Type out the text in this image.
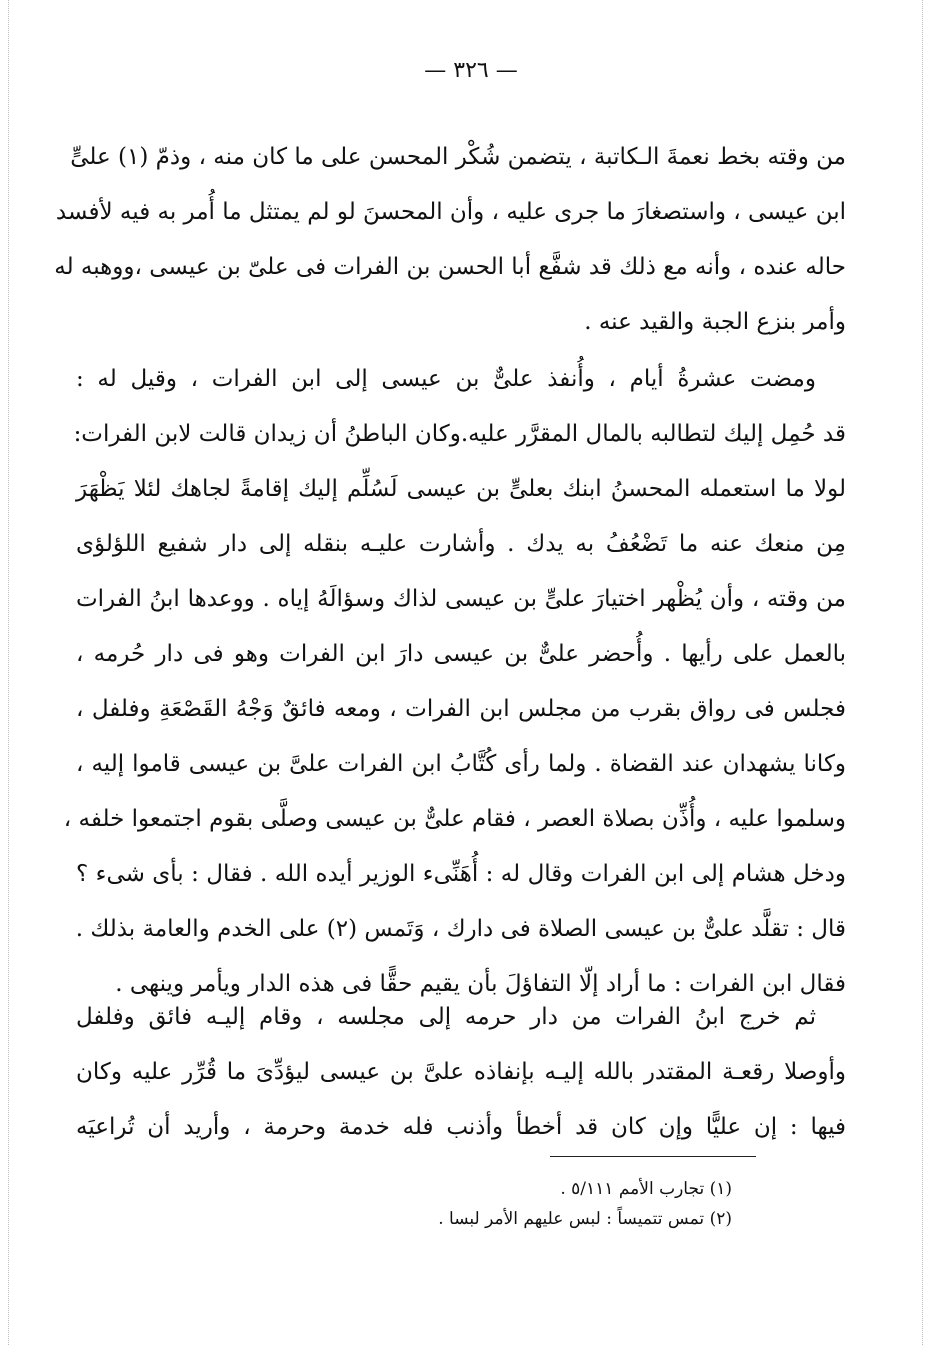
— ٣٢٦ —
من وقته بخط نعمةَ الـكاتبة ، يتضمن شُكْر المحسن على ما كان منه ، وذمّ (١) علىٍّ
ابن عيسى ، واستصغارَ ما جرى عليه ، وأن المحسنَ لو لم يمتثل ما أُمر به فيه لأفسد
حاله عنده ، وأنه مع ذلك قد شفَّع أبا الحسن بن الفرات فى علىّ بن عيسى ،ووهبه له
وأمر بنزع الجبة والقيد عنه .
ومضت عشرةُ أيام ، وأُنفذ علىٌّ بن عيسى إلى ابن الفرات ، وقيل له :
قد حُمِل إليك لتطالبه بالمال المقرَّر عليه.وكان الباطنُ أن زيدان قالت لابن الفرات:
لولا ما استعمله المحسنُ ابنك بعلىٍّ بن عيسى لَسُلِّم إليك إقامةً لجاهك لئلا يَظْهَرَ
مِن منعك عنه ما تَضْعُفُ به يدك . وأشارت عليـه بنقله إلى دار شفيع اللؤلؤى
من وقته ، وأن يُظْهر اختيارَ علىٍّ بن عيسى لذاك وسؤالَهُ إياه . ووعدها ابنُ الفرات
بالعمل على رأيها . وأُحضر علىٌّ بن عيسى دارَ ابن الفرات وهو فى دار حُرمه ،
فجلس فى رواق بقرب من مجلس ابن الفرات ، ومعه فائقٌ وَجْهُ القَصْعَةِ وفلفل ،
وكانا يشهدان عند القضاة . ولما رأى كُتَّابُ ابن الفرات علىَّ بن عيسى قاموا إليه ،
وسلموا عليه ، وأُذِّن بصلاة العصر ، فقام علىٌّ بن عيسى وصلَّى بقوم اجتمعوا خلفه ،
ودخل هشام إلى ابن الفرات وقال له : أُهَنِّىء الوزير أيده الله . فقال : بأى شىء ؟
قال : تقلَّد علىٌّ بن عيسى الصلاة فى دارك ، وَتَمس (٢) على الخدم والعامة بذلك .
فقال ابن الفرات : ما أراد إلّا التفاؤلَ بأن يقيم حقًّا فى هذه الدار ويأمر وينهى .
ثم خرج ابنُ الفرات من دار حرمه إلى مجلسه ، وقام إليـه فائق وفلفل
وأوصلا رقعـة المقتدر بالله إليـه بإنفاذه علىَّ بن عيسى ليؤدِّىَ ما قُرِّر عليه وكان
فيها : إن عليًّا وإن كان قد أخطأ وأذنب فله خدمة وحرمة ، وأريد أن تُراعيَه
(١) تجارب الأمم ٥/١١١ .
(٢) تمس تتميساً : لبس عليهم الأمر لبسا .
